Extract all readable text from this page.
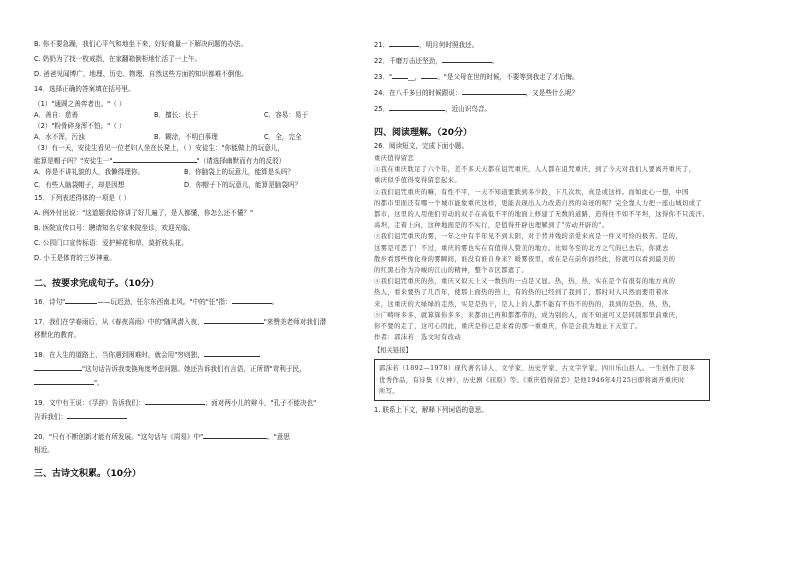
B. 你不要急躁，我们心平气和地坐下来，好好商量一下解决问题的办法。
C. 奶奶为了找一枚戒指，在家翻箱倒柜地忙活了一上午。
D. 爸爸见闻博广，地理、历史、物理、自然这些方面的知识都难不倒他。
14．选择正确的答案填在括号里。
（1）"通圆之善弈者也。"（ ）
A．善自：慈善	B．擅长：长于	C．容易：易于
（2）"粉骨碎身浑不怕。"（ ）
A．水不浑，污浊	B．糊涂，不明白事理	C．全，完全
（3）有一天，安徒生看见一位老妇人坐在长凳上，（ ）安徒生："你能做上的玩意儿，
能算是帽子吗？"安徒生一"	"（请选择幽默而有力的反驳）
A．你是不讲礼貌的人，我懒得理你。	B．你脑袋上的玩意儿，能算是头吗？
C．有些人脑袋帽子，却是因想	D．你帽子下的玩意儿，能算是脑袋吗？
15．下列表述得体的一项是（ ）
A. 例外付出说："这道题我给你讲了好几遍了，是人都懂，你怎么还不懂？"
B. 医院宣传口号：聘请知名专家来院坐诊，欢迎光临。
C. 公园门口宣传标语：爱护鲜花和草，莫折枝头花。
D. 小王是体育的三岁神童。
二、按要求完成句子。（10分）
16．诗句"	——玩迟劲，任尔东西南北风。"中的"任"指：	。
17．我们在学春雨后，从《春夜喜雨》中的"随风潜入夜，	"来赞美老师对我们潜
移默化的教育。
18．在人生的道路上，当你遇到困难时，就会用"穷则独，
"这句话告诉我变换角度考虑问题。她还告诉我们有言语，正所谓"苛利于民，
"。
19．文中有王说：《孚辞》告诉我们：	；面对两小儿的辩斗，"孔子不能决也"
告诉我们：
20．"只有不断创新才能有所发展。"这句话与《周易》中"	。"意思
相近。
三、古诗文积累。（10分）
21．	，明月何时照我还。
22．千磨万击还坚劲，	。
23．" __， 。"是父母在世的时候，不要等到我走了才后悔。
24．在八千多日的时候跟说：	，又是些什么呢？
25．	，近山识鸟音。
四、阅读理解。（20分）
26．阅读短文，完成下面小题。
重庆值得留恋
①我在重庆耽足了六个年，差不多天天都在诅咒重庆，人人都在诅咒重庆，到了今天对我们人要离开重庆了，
重庆似乎值得变得留恋起来。
②我们诅咒重庆的嘛，有性不平，一天不知道要跌到多少跤，下几次坎，真是或这样。而如此心一想，中国
的都市里面还有哪一个城市能象重庆这样，更能表现出人力改造自然的奇迹的呢？完全靠人力把一座山城切成了
都市，这里的人用他们劳动的双手在高低不平的地面上修建了无数的道路，造得住不如不平坦，这得你不只流汗。
高坦，走着上向，这种地面是的不实行，是值得开辟也理解到了"劳动开辟的"。
③我们诅咒重庆的雾，一年之中有半年见不到太阳，对于背井残的亲爱来真是一件又可怜的极苦。是的，
这雾是可恶了！不过，重庆的雾也实在有值得人赞美的地方。比如冬至的北方之气的已去后，你就去
散步看那些像化身的雾瞬间，谁没有谁自身来？暖雾夜里，或在是在前你而经此，你就可以看到最美的
的红黑石作为冷峻的江山的精神，整个市区都遮了。
④我们诅咒重庆的热，重庆又似天上又一数热的一点是又显。热，热，热，实在是个有很有的地方真的
热人，看来要热了几百年，使那上面热的热上，有的热的已经到了我到了，那时对人只然而要用着冰
来，这重庆的大绿绿的走然，实是是热干，是人上的人都不能有不热不的热的，我到的是热，热，热，
⑤广畴呀多多，就算算你多多，来都由已再和都都带的，成为别的人，而不知道可又是同别那里前重庆，
你不要的走了，这可心因此，重庆是你已是来看的那一重重庆，你是会我为地止下天室了。
作者：郭沫若　选文时有改动
【相关链接】
郭沫若（1892—1978）现代著名诗人、文学家、历史学家、古文字学家。四川乐山县人。一生创作了很多
优秀作品，有诗集《女神》，历史剧《屈原》等。《重庆值得留恋》是他1946年4月25日即将离开重庆时
所写。
1. 联系上下文，解释下列词语的意思。
